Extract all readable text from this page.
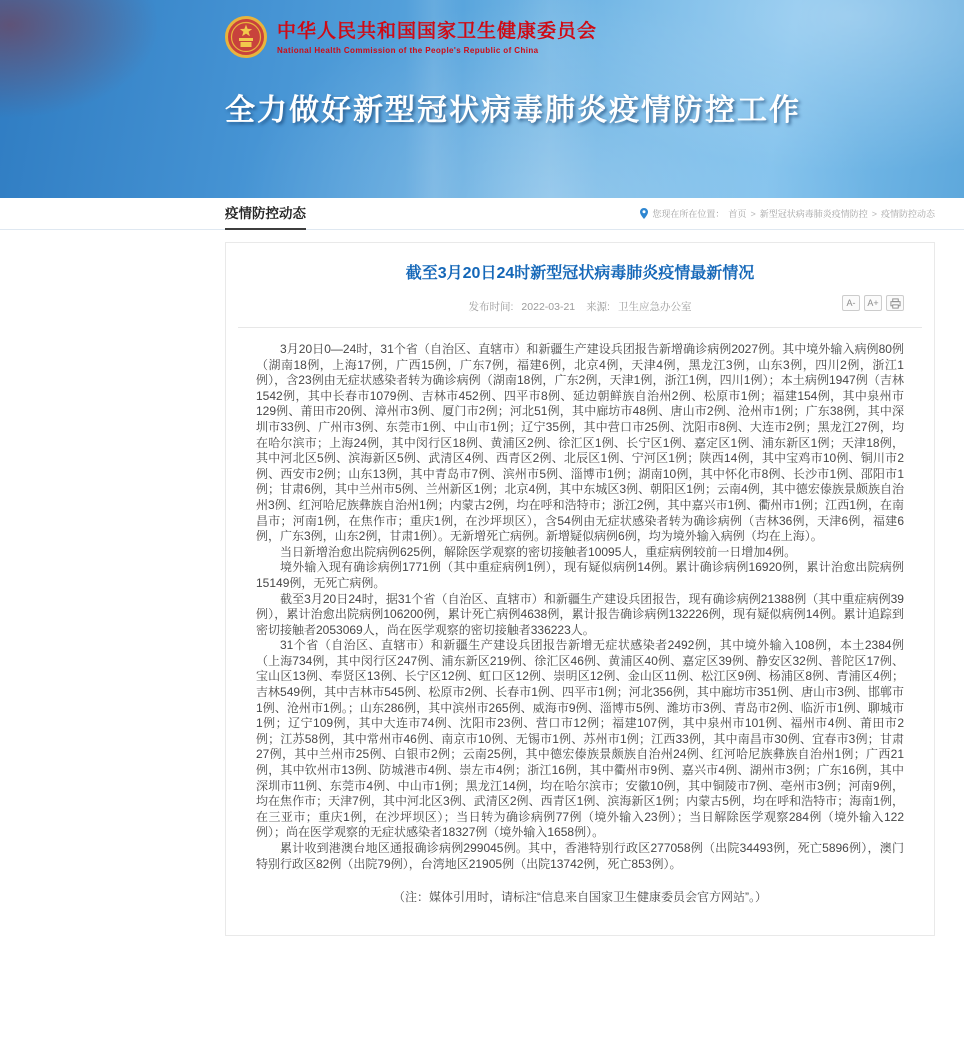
中华人民共和国国家卫生健康委员会
National Health Commission of the People's Republic of China
全力做好新型冠状病毒肺炎疫情防控工作
疫情防控动态	您现在所在位置： 首页 > 新型冠状病毒肺炎疫情防控 > 疫情防控动态
截至3月20日24时新型冠状病毒肺炎疫情最新情况
发布时间: 2022-03-21 来源: 卫生应急办公室	A-	A+

3月20日0—24时，31个省（自治区、直辖市）和新疆生产建设兵团报告新增确诊病例2027例。其中境外输入病例80例（湖南18例，上海17例，广西15例，广东7例，福建6例，北京4例，天津4例，黑龙江3例，山东3例，四川2例，浙江1例），含23例由无症状感染者转为确诊病例（湖南18例，广东2例，天津1例，浙江1例，四川1例）；本土病例1947例（吉林1542例，其中长春市1079例、吉林市452例、四平市8例、延边朝鲜族自治州2例、松原市1例；福建154例，其中泉州市129例、莆田市20例、漳州市3例、厦门市2例；河北51例，其中廊坊市48例、唐山市2例、沧州市1例；广东38例，其中深圳市33例、广州市3例、东莞市1例、中山市1例；辽宁35例，其中营口市25例、沈阳市8例、大连市2例；黑龙江27例，均在哈尔滨市；上海24例，其中闵行区18例、黄浦区2例、徐汇区1例、长宁区1例、嘉定区1例、浦东新区1例；天津18例，其中河北区5例、滨海新区5例、武清区4例、西青区2例、北辰区1例、宁河区1例；陕西14例，其中宝鸡市10例、铜川市2例、西安市2例；山东13例，其中青岛市7例、滨州市5例、淄博市1例；湖南10例，其中怀化市8例、长沙市1例、邵阳市1例；甘肃6例，其中兰州市5例、兰州新区1例；北京4例，其中东城区3例、朝阳区1例；云南4例，其中德宏傣族景颇族自治州3例、红河哈尼族彝族自治州1例；内蒙古2例，均在呼和浩特市；浙江2例，其中嘉兴市1例、衢州市1例；江西1例，在南昌市；河南1例，在焦作市；重庆1例，在沙坪坝区），含54例由无症状感染者转为确诊病例（吉林36例，天津6例，福建6例，广东3例，山东2例，甘肃1例）。无新增死亡病例。新增疑似病例6例，均为境外输入病例（均在上海）。

当日新增治愈出院病例625例，解除医学观察的密切接触者10095人，重症病例较前一日增加4例。

境外输入现有确诊病例1771例（其中重症病例1例），现有疑似病例14例。累计确诊病例16920例，累计治愈出院病例15149例，无死亡病例。

截至3月20日24时，据31个省（自治区、直辖市）和新疆生产建设兵团报告，现有确诊病例21388例（其中重症病例39例），累计治愈出院病例106200例，累计死亡病例4638例，累计报告确诊病例132226例，现有疑似病例14例。累计追踪到密切接触者2053069人，尚在医学观察的密切接触者336223人。

31个省（自治区、直辖市）和新疆生产建设兵团报告新增无症状感染者2492例，其中境外输入108例，本土2384例（上海734例，其中闵行区247例、浦东新区219例、徐汇区46例、黄浦区40例、嘉定区39例、静安区32例、普陀区17例、宝山区13例、奉贤区13例、长宁区12例、虹口区12例、崇明区12例、金山区11例、松江区9例、杨浦区8例、青浦区4例；吉林549例，其中吉林市545例、松原市2例、长春市1例、四平市1例；河北356例，其中廊坊市351例、唐山市3例、邯郸市1例、沧州市1例。；山东286例，其中滨州市265例、威海市9例、淄博市5例、潍坊市3例、青岛市2例、临沂市1例、聊城市1例；辽宁109例，其中大连市74例、沈阳市23例、营口市12例；福建107例，其中泉州市101例、福州市4例、莆田市2例；江苏58例，其中常州市46例、南京市10例、无锡市1例、苏州市1例；江西33例，其中南昌市30例、宜春市3例；甘肃27例，其中兰州市25例、白银市2例；云南25例，其中德宏傣族景颇族自治州24例、红河哈尼族彝族自治州1例；广西21例，其中钦州市13例、防城港市4例、崇左市4例；浙江16例，其中衢州市9例、嘉兴市4例、湖州市3例；广东16例，其中深圳市11例、东莞市4例、中山市1例；黑龙江14例，均在哈尔滨市；安徽10例，其中铜陵市7例、亳州市3例；河南9例，均在焦作市；天津7例，其中河北区3例、武清区2例、西青区1例、滨海新区1例；内蒙古5例，均在呼和浩特市；海南1例，在三亚市；重庆1例，在沙坪坝区）；当日转为确诊病例77例（境外输入23例）；当日解除医学观察284例（境外输入122例）；尚在医学观察的无症状感染者18327例（境外输入1658例）。

累计收到港澳台地区通报确诊病例299045例。其中，香港特别行政区277058例（出院34493例，死亡5896例），澳门特别行政区82例（出院79例），台湾地区21905例（出院13742例，死亡853例）。

（注：媒体引用时，请标注“信息来自国家卫生健康委员会官方网站”。）
